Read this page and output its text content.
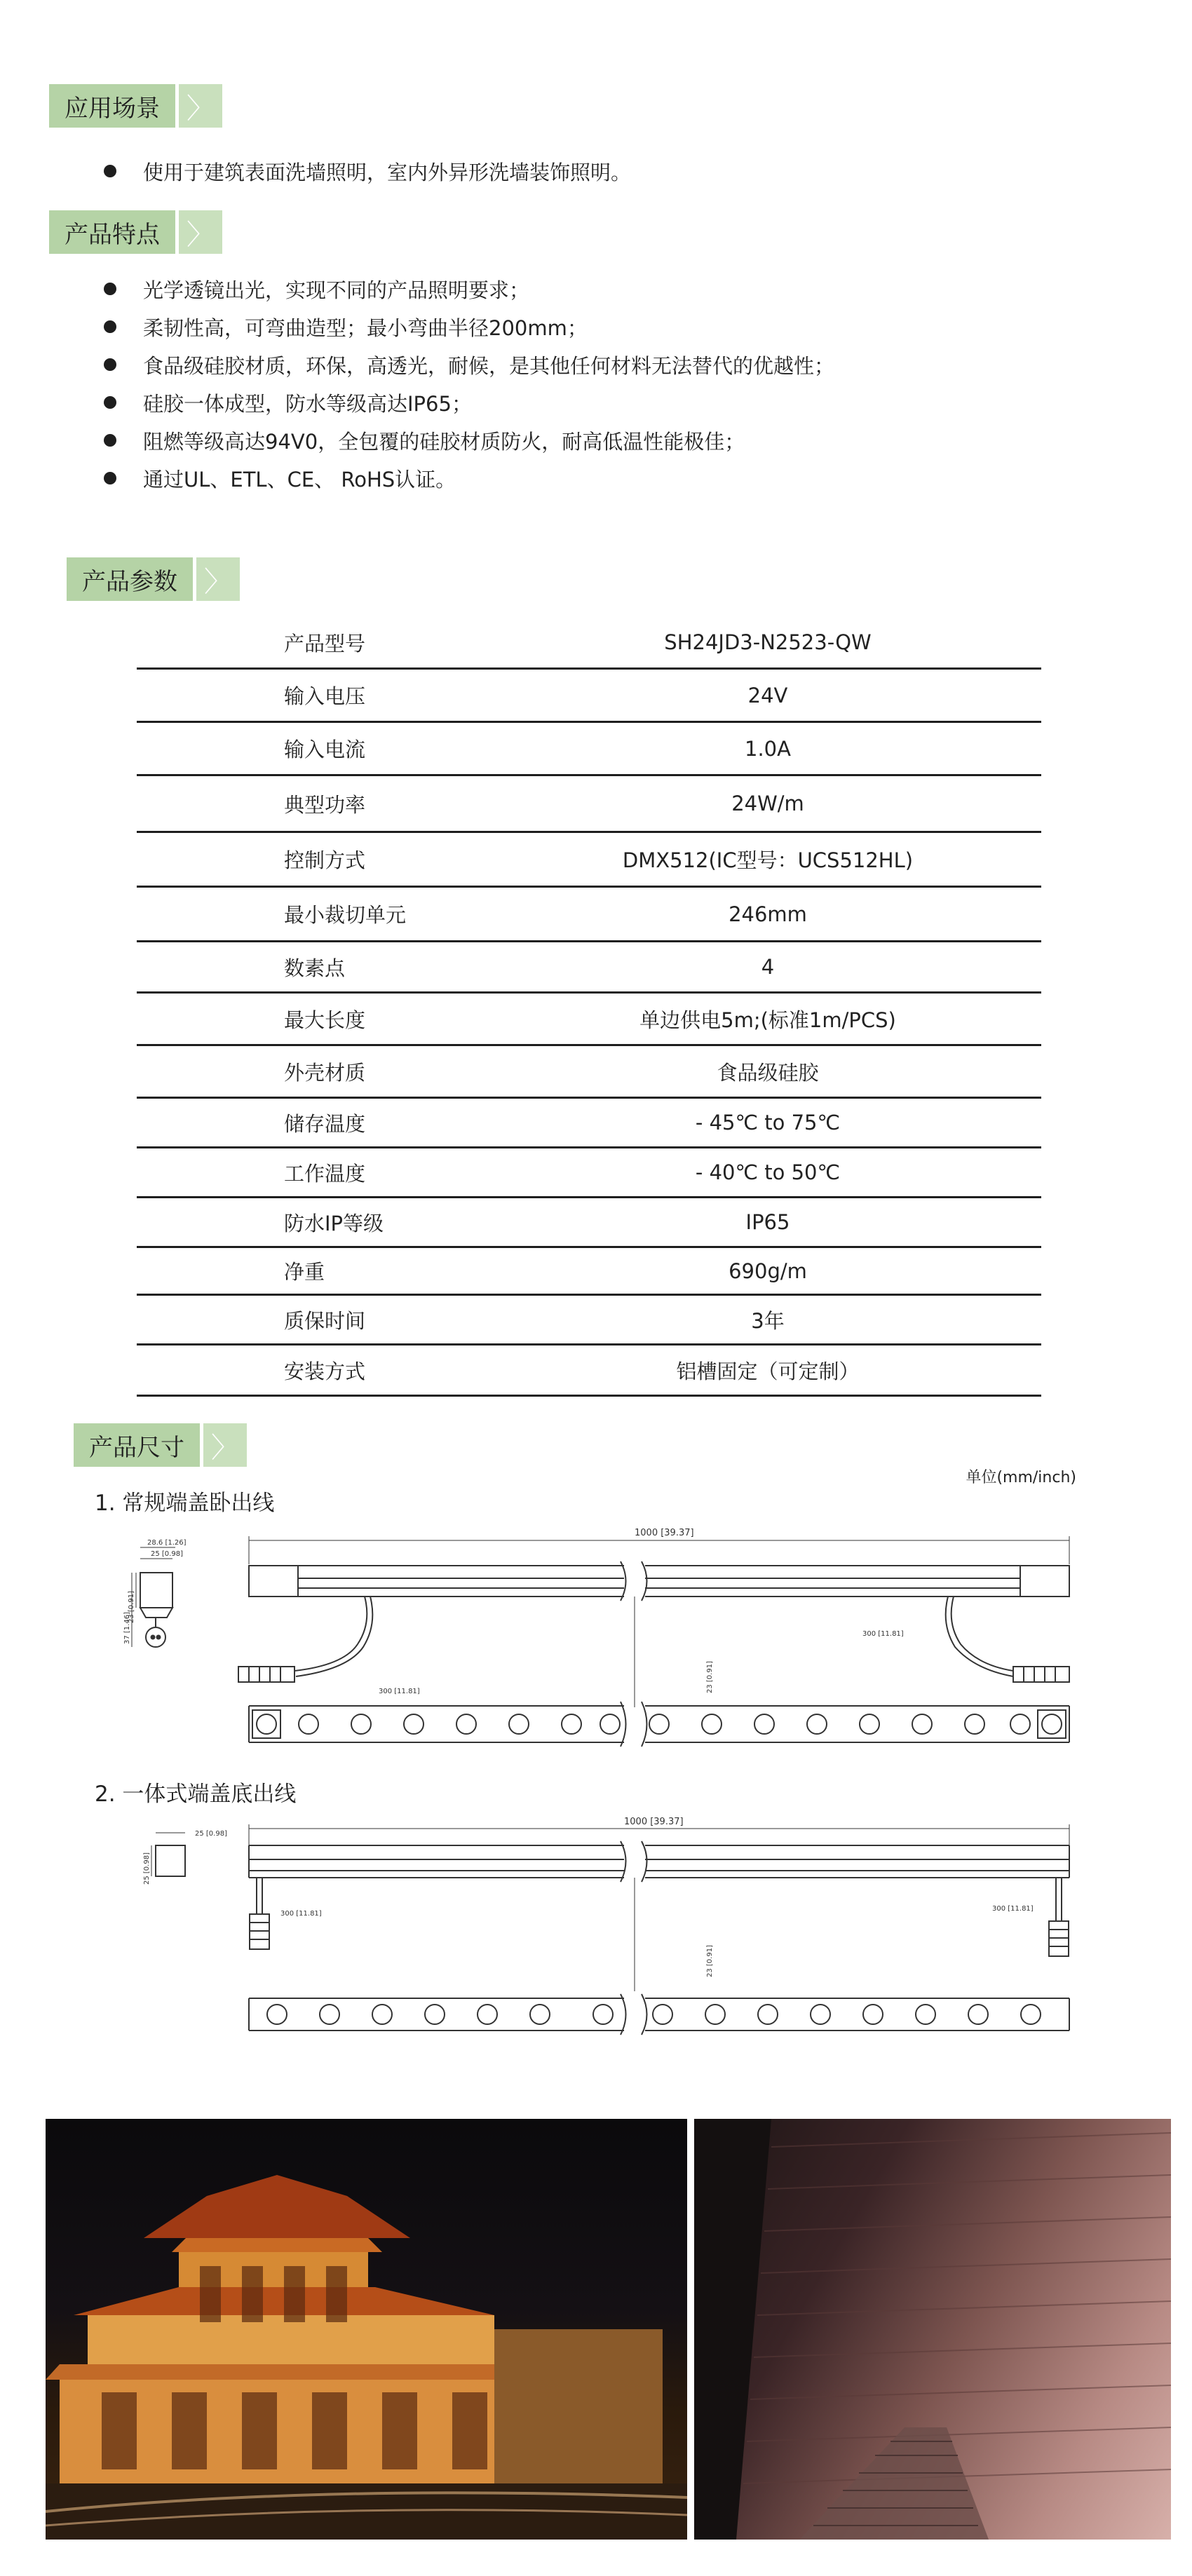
应用场景 〉
使用于建筑表面洗墙照明，室内外异形洗墙装饰照明。
产品特点 〉
光学透镜出光，实现不同的产品照明要求；
柔韧性高，可弯曲造型；最小弯曲半径200mm；
食品级硅胶材质，环保，高透光，耐候，是其他任何材料无法替代的优越性；
硅胶一体成型，防水等级高达IP65；
阻燃等级高达94V0，全包覆的硅胶材质防火，耐高低温性能极佳；
通过UL、ETL、CE、 RoHS认证。
产品参数 〉
产品型号	SH24JD3-N2523-QW
输入电压	24V
输入电流	1.0A
典型功率	24W/m
控制方式	DMX512(IC型号：UCS512HL)
最小裁切单元	246mm
数素点	4
最大长度	单边供电5m;(标准1m/PCS)
外壳材质	食品级硅胶
储存温度	- 45℃ to 75℃
工作温度	- 40℃ to 50℃
防水IP等级	IP65
净重	690g/m
质保时间	3年
安装方式	铝槽固定（可定制）
产品尺寸 〉
单位(mm/inch)
1. 常规端盖卧出线
2. 一体式端盖底出线
28.6 [1.26]
25 [0.98]
37 [1.46]
23 [0.91]
1000 [39.37]
23 [0.91]
300 [11.81]
300 [11.81]
25 [0.98]
25 [0.98]
1000 [39.37]
23 [0.91]
300 [11.81]
300 [11.81]
